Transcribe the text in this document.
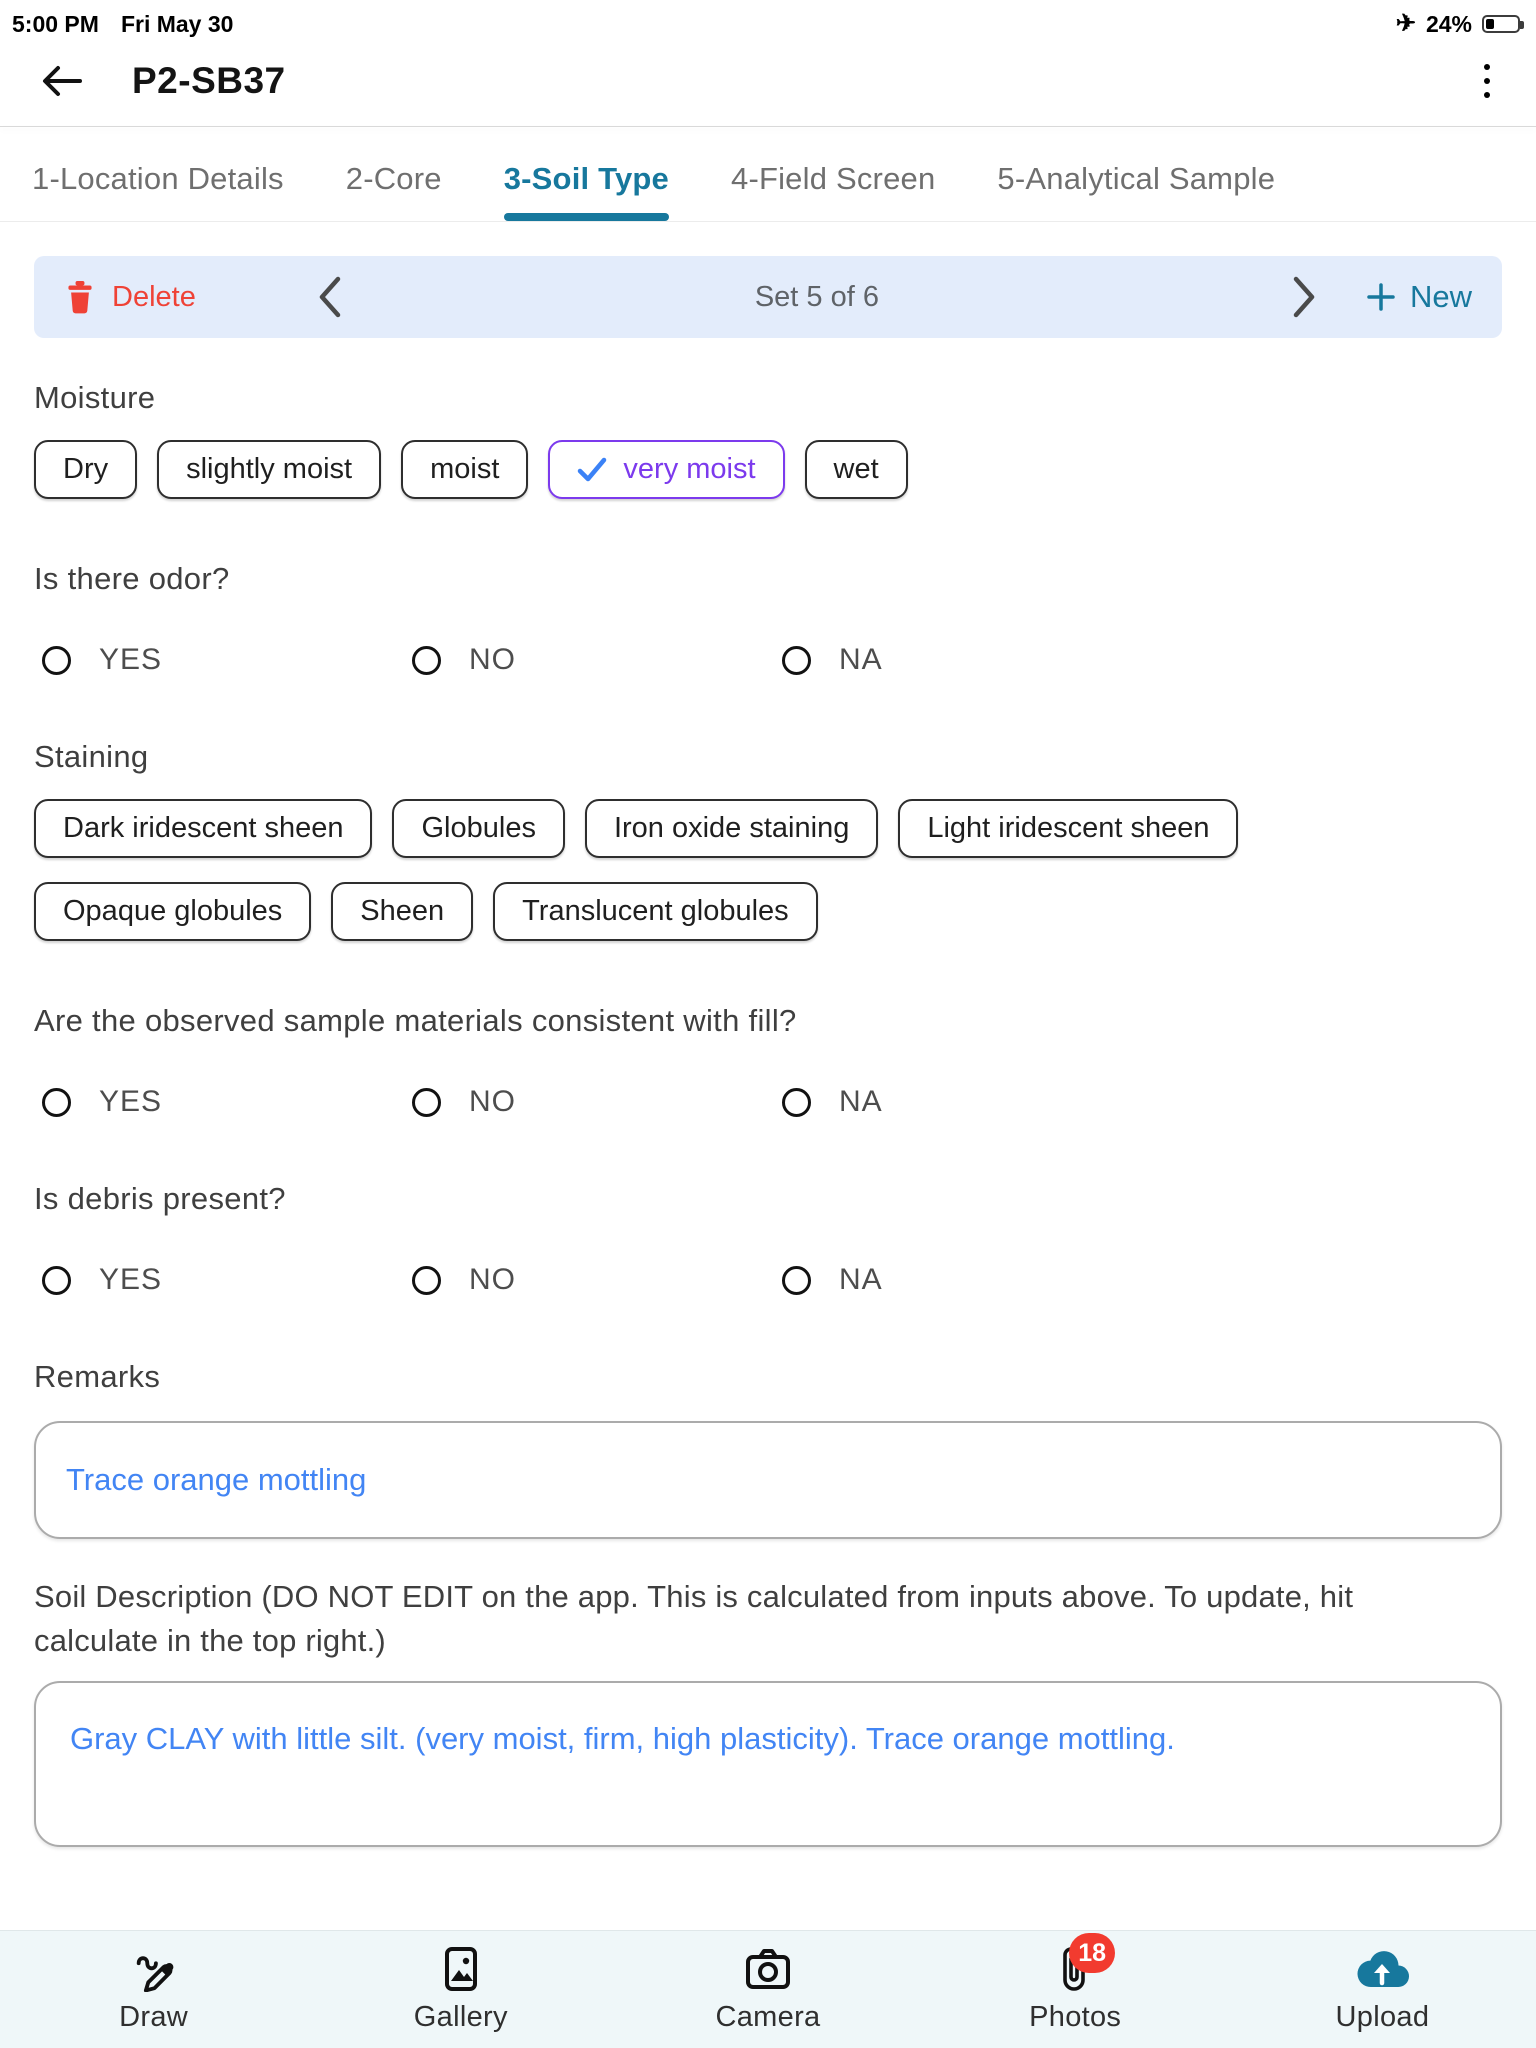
5:00 PM Fri May 30	✈ 24%
P2-SB37
1-Location Details 2-Core 3-Soil Type 4-Field Screen 5-Analytical Sample
Delete	Set 5 of 6	New
Moisture
Dry	slightly moist	moist	very moist	wet
Is there odor?
YES	NO	NA
Staining
Dark iridescent sheen	Globules	Iron oxide staining	Light iridescent sheen
Opaque globules	Sheen	Translucent globules
Are the observed sample materials consistent with fill?
YES	NO	NA
Is debris present?
YES	NO	NA
Remarks
Trace orange mottling
Soil Description (DO NOT EDIT on the app. This is calculated from inputs above. To update, hit calculate in the top right.)
Gray CLAY with little silt. (very moist, firm, high plasticity). Trace orange mottling.
Draw	Gallery	Camera
18
Photos	Upload
